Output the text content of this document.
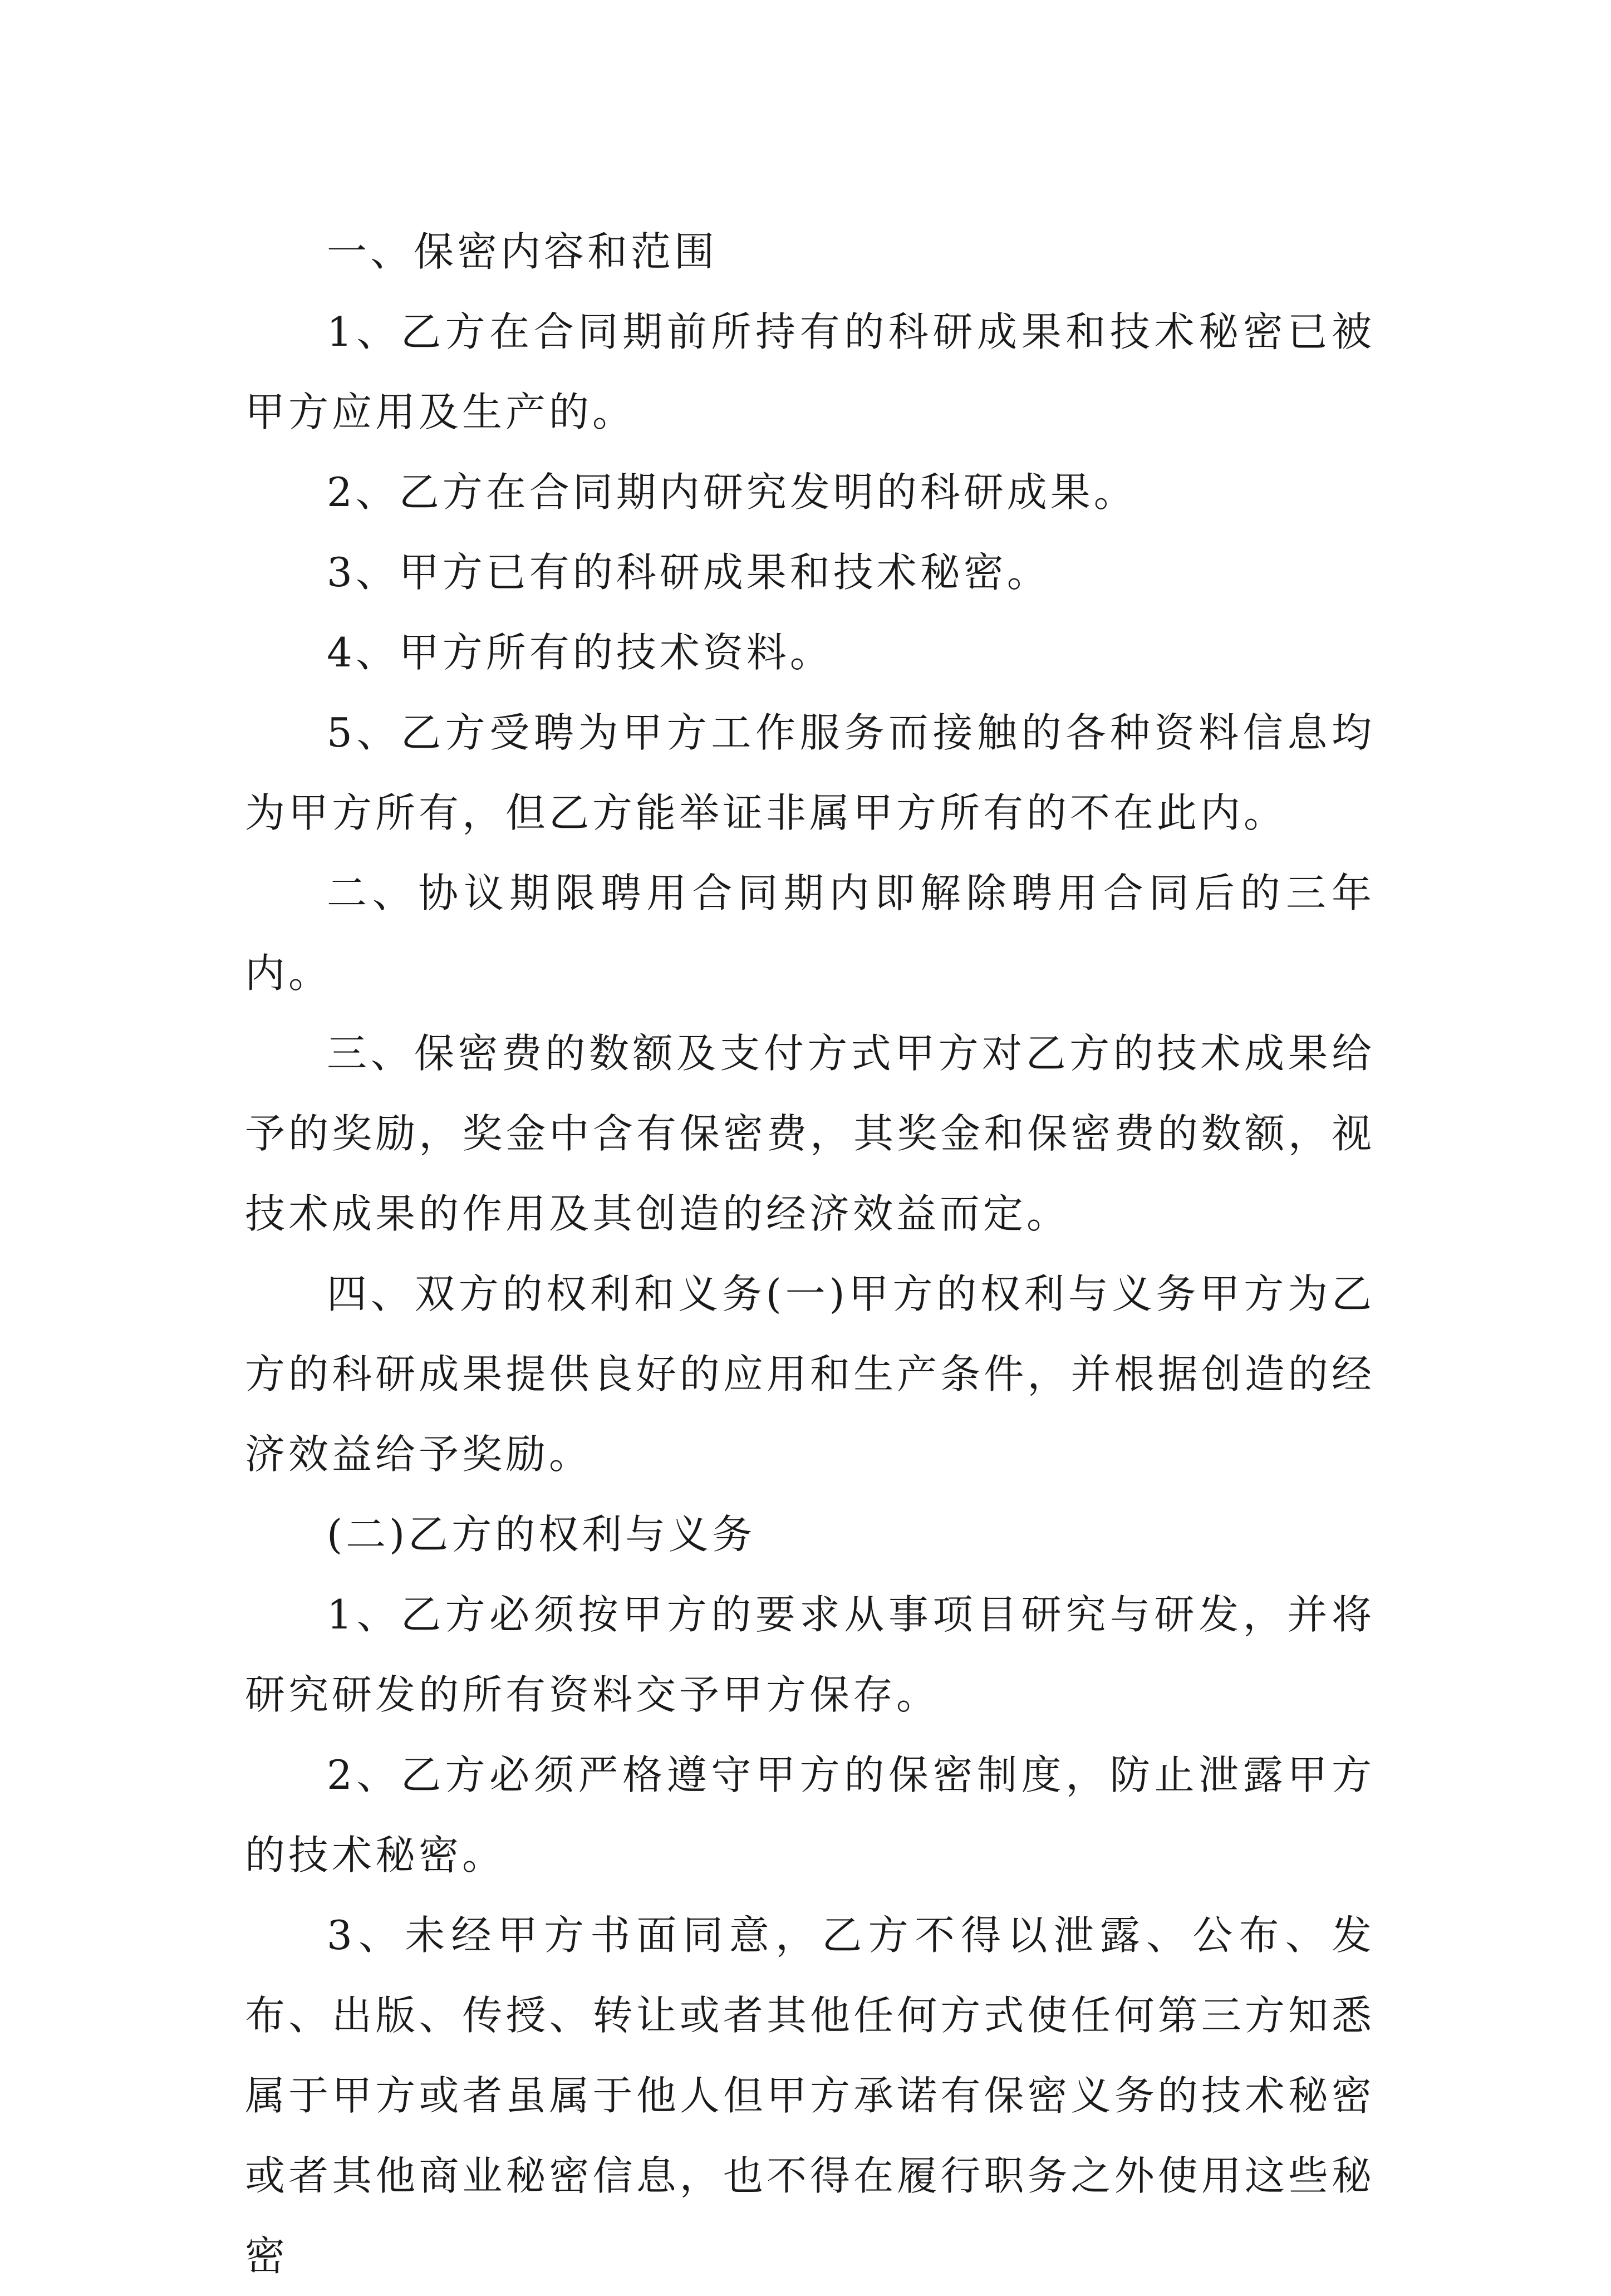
一、保密内容和范围

1、乙方在合同期前所持有的科研成果和技术秘密已被甲方应用及生产的。

2、乙方在合同期内研究发明的科研成果。

3、甲方已有的科研成果和技术秘密。

4、甲方所有的技术资料。

5、乙方受聘为甲方工作服务而接触的各种资料信息均为甲方所有，但乙方能举证非属甲方所有的不在此内。

二、协议期限聘用合同期内即解除聘用合同后的三年内。

三、保密费的数额及支付方式甲方对乙方的技术成果给予的奖励，奖金中含有保密费，其奖金和保密费的数额，视技术成果的作用及其创造的经济效益而定。

四、双方的权利和义务(一)甲方的权利与义务甲方为乙方的科研成果提供良好的应用和生产条件，并根据创造的经济效益给予奖励。

(二)乙方的权利与义务

1、乙方必须按甲方的要求从事项目研究与研发，并将研究研发的所有资料交予甲方保存。

2、乙方必须严格遵守甲方的保密制度，防止泄露甲方的技术秘密。

3、未经甲方书面同意，乙方不得以泄露、公布、发布、出版、传授、转让或者其他任何方式使任何第三方知悉属于甲方或者虽属于他人但甲方承诺有保密义务的技术秘密或者其他商业秘密信息，也不得在履行职务之外使用这些秘密
